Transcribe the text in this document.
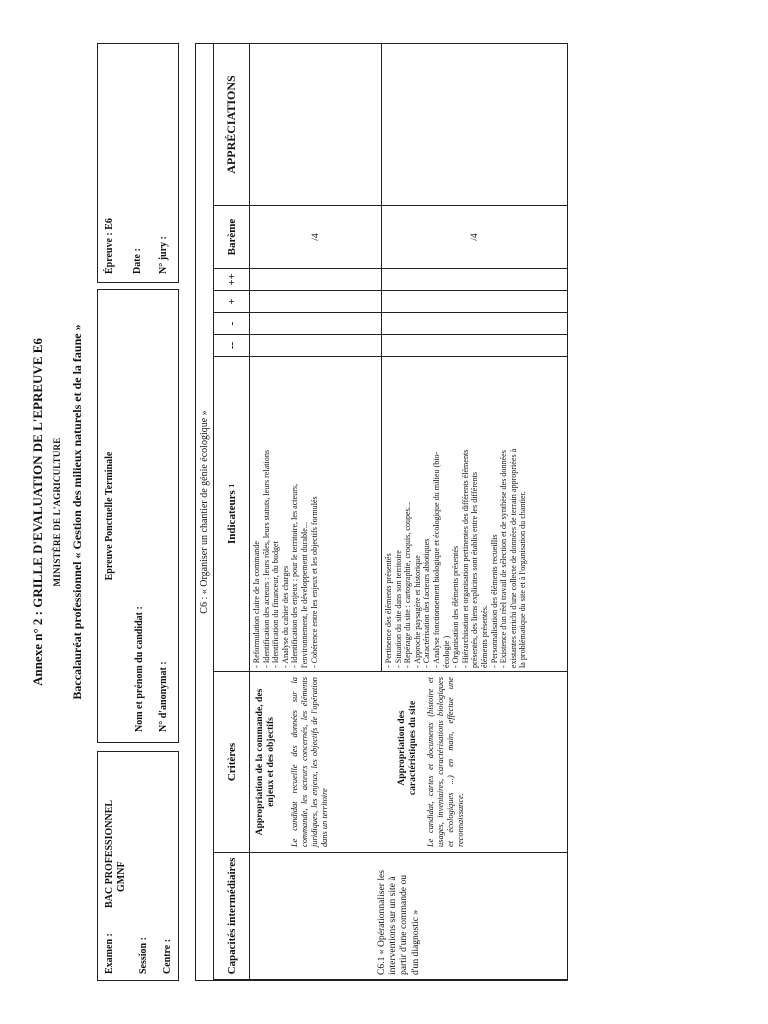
Annexe n° 2 : GRILLE D'EVALUATION DE L'EPREUVE E6 MINISTÈRE DE L'AGRICULTURE Baccalauréat professionnel « Gestion des milieux naturels et de la faune »
Examen :
BAC PROFESSIONNEL GMNF
Session : Centre :
Epreuve Ponctuelle Terminale
Nom et prénom du candidat : N° d'anonymat :
Épreuve : E6 Date : N° jury :
C6 : « Organiser un chantier de génie écologique »
Capacités intermédiaires
Critères
Indicateurs

1
--
-
+
++
Barème
APPRÉCIATIONS
C6.1 « Opérationnaliser les interventions sur un site à partir d'une commande ou d'un diagnostic »
Appropriation de la commande, des enjeux et des objectifs Le candidat recueille des données sur la commande, les acteurs concernés, les éléments juridiques, les enjeux, les objectifs de l'opération dans un territoire
Appropriation des caractéristiques du site Le candidat, cartes et documents (histoire et usages, inventaires, caractérisations biologiques et écologiques ...) en main, effectue une reconnaissance.
- Reformulation claire de la commande - Identification des acteurs : leurs rôles, leurs statuts, leurs relations - Identification du financeur, du budget - Analyse du cahier des charges - Identification des enjeux : pour le territoire, les acteurs, l'environnement, le développement durable... - Cohérence entre les enjeux et les objectifs formulés	- Pertinence des éléments présentés - Situation du site dans son territoire - Repérage du site : cartographie, croquis, coupes... - Approche paysagère et historique - Caractérisation des facteurs abiotiques - Analyse fonctionnement biologique et écologique du milieu (bio- écologie ) - Organisation des éléments présentés - Hiérarchisation et organisation pertinentes des différents éléments présentés, des liens explicites sont établis entre les différents éléments présentés. - Personnalisation des éléments recueillis - Existence d'un réel travail de sélection et de synthèse des données existantes enrichi d'une collecte de données de terrain appropriées à la problématique du site et à l'organisation du chantier.
/4	/4
